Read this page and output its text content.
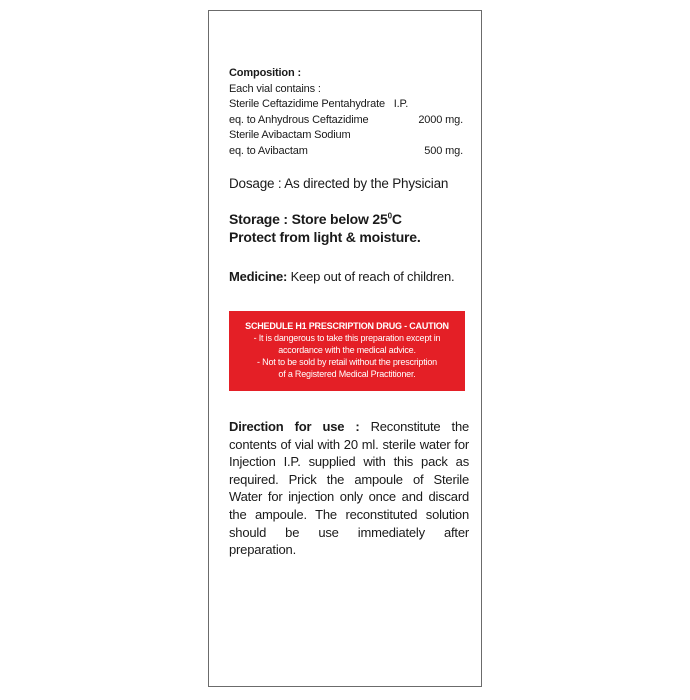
Composition :
Each vial contains :
Sterile Ceftazidime Pentahydrate   I.P.
eq. to Anhydrous Ceftazidime	2000 mg.
Sterile Avibactam Sodium
eq. to Avibactam	500 mg.
Dosage : As directed by the Physician
Storage : Store below $25^0C$
Protect from light & moisture.
Medicine: Keep out of reach of children.
SCHEDULE H1 PRESCRIPTION DRUG - CAUTION
- It is dangerous to take this preparation except in
accordance with the medical advice.
- Not to be sold by retail without the prescription
of a Registered Medical Practitioner.
Direction for use : Reconstitute the contents of vial with 20 ml. sterile water for Injection I.P. supplied with this pack as required. Prick the ampoule of Sterile Water for injection only once and discard the ampoule. The reconstituted solution should be use immediately after preparation.
